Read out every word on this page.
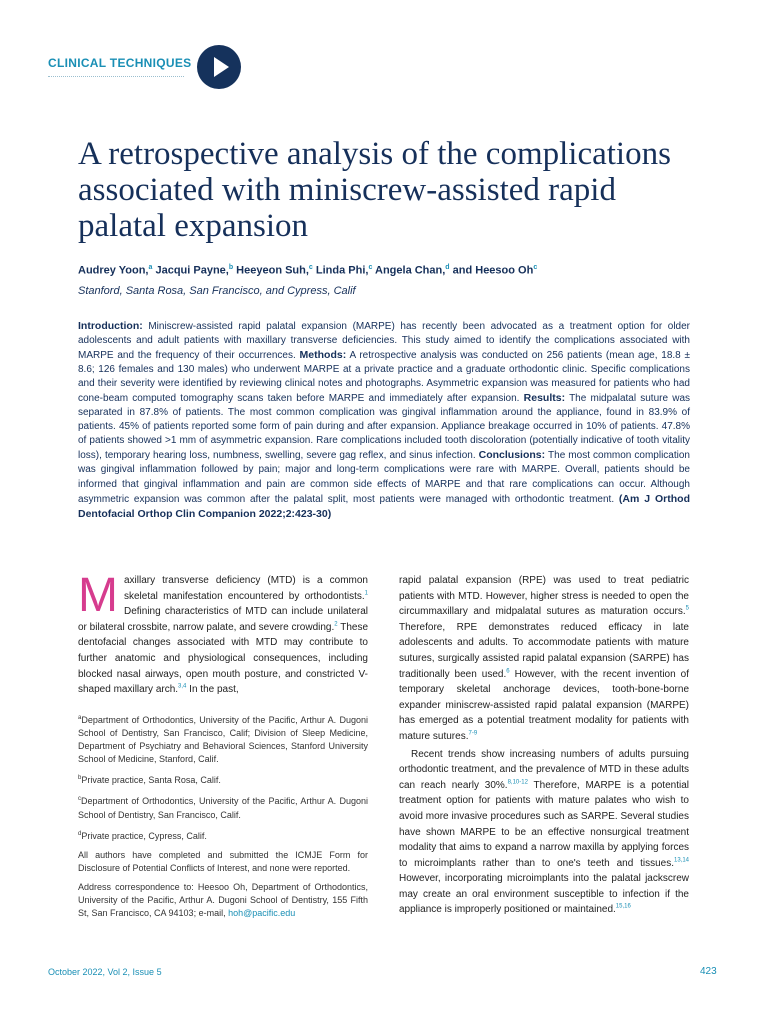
CLINICAL TECHNIQUES
A retrospective analysis of the complications associated with miniscrew-assisted rapid palatal expansion
Audrey Yoon,$^a$ Jacqui Payne,$^b$ Heeyeon Suh,$^c$ Linda Phi,$^c$ Angela Chan,$^d$ and Heesoo Oh$^c$
Stanford, Santa Rosa, San Francisco, and Cypress, Calif
Introduction: Miniscrew-assisted rapid palatal expansion (MARPE) has recently been advocated as a treatment option for older adolescents and adult patients with maxillary transverse deficiencies. This study aimed to identify the complications associated with MARPE and the frequency of their occurrences. Methods: A retrospective analysis was conducted on 256 patients (mean age, 18.8 ± 8.6; 126 females and 130 males) who underwent MARPE at a private practice and a graduate orthodontic clinic. Specific complications and their severity were identified by reviewing clinical notes and photographs. Asymmetric expansion was measured for patients who had cone-beam computed tomography scans taken before MARPE and immediately after expansion. Results: The midpalatal suture was separated in 87.8% of patients. The most common complication was gingival inflammation around the appliance, found in 83.9% of patients. 45% of patients reported some form of pain during and after expansion. Appliance breakage occurred in 10% of patients. 47.8% of patients showed >1 mm of asymmetric expansion. Rare complications included tooth discoloration (potentially indicative of tooth vitality loss), temporary hearing loss, numbness, swelling, severe gag reflex, and sinus infection. Conclusions: The most common complication was gingival inflammation followed by pain; major and long-term complications were rare with MARPE. Overall, patients should be informed that gingival inflammation and pain are common side effects of MARPE and that rare complications can occur. Although asymmetric expansion was common after the palatal split, most patients were managed with orthodontic treatment. (Am J Orthod Dentofacial Orthop Clin Companion 2022;2:423-30)

Maxillary transverse deficiency (MTD) is a common skeletal manifestation encountered by orthodontists.$^1$ Defining characteristics of MTD can include unilateral or bilateral crossbite, narrow palate, and severe crowding.$^2$ These dentofacial changes associated with MTD may contribute to further anatomic and physiological consequences, including blocked nasal airways, open mouth posture, and constricted V-shaped maxillary arch.$^{3,4}$ In the past,

$^a$Department of Orthodontics, University of the Pacific, Arthur A. Dugoni School of Dentistry, San Francisco, Calif; Division of Sleep Medicine, Department of Psychiatry and Behavioral Sciences, Stanford University School of Medicine, Stanford, Calif.

$^b$Private practice, Santa Rosa, Calif.

$^c$Department of Orthodontics, University of the Pacific, Arthur A. Dugoni School of Dentistry, San Francisco, Calif.

$^d$Private practice, Cypress, Calif.

All authors have completed and submitted the ICMJE Form for Disclosure of Potential Conflicts of Interest, and none were reported.

Address correspondence to: Heesoo Oh, Department of Orthodontics, University of the Pacific, Arthur A. Dugoni School of Dentistry, 155 Fifth St, San Francisco, CA 94103; e-mail, hoh@pacific.edu

rapid palatal expansion (RPE) was used to treat pediatric patients with MTD. However, higher stress is needed to open the circummaxillary and midpalatal sutures as maturation occurs.$^5$ Therefore, RPE demonstrates reduced efficacy in late adolescents and adults. To accommodate patients with mature sutures, surgically assisted rapid palatal expansion (SARPE) has traditionally been used.$^6$ However, with the recent invention of temporary skeletal anchorage devices, tooth-bone-borne expander miniscrew-assisted rapid palatal expansion (MARPE) has emerged as a potential treatment modality for patients with mature sutures.$^{7-9}$

Recent trends show increasing numbers of adults pursuing orthodontic treatment, and the prevalence of MTD in these adults can reach nearly 30%.$^{8,10-12}$ Therefore, MARPE is a potential treatment option for patients with mature palates who wish to avoid more invasive procedures such as SARPE. Several studies have shown MARPE to be an effective nonsurgical treatment modality that aims to expand a narrow maxilla by applying forces to microimplants rather than to one's teeth and tissues.$^{13,14}$ However, incorporating microimplants into the palatal jackscrew may create an oral environment susceptible to infection if the appliance is improperly positioned or maintained.$^{15,16}$

October 2022, Vol 2, Issue 5	423
